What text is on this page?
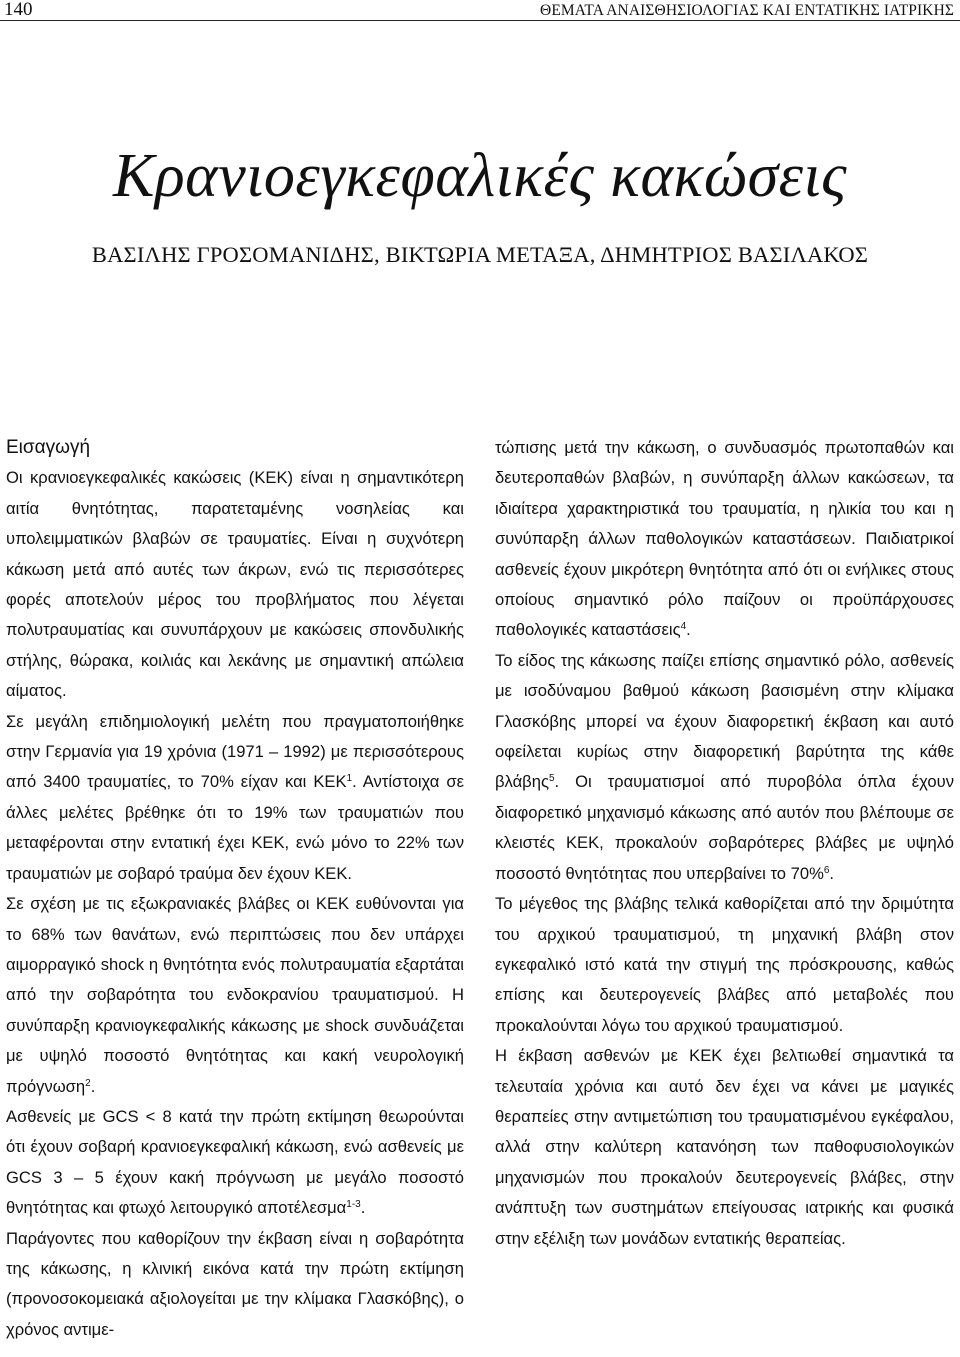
140	ΘΕΜΑΤΑ ΑΝΑΙΣΘΗΣΙΟΛΟΓΙΑΣ ΚΑΙ ΕΝΤΑΤΙΚΗΣ ΙΑΤΡΙΚΗΣ
Κρανιοεγκεφαλικές κακώσεις
ΒΑΣΙΛΗΣ ΓΡΟΣΟΜΑΝΙΔΗΣ, ΒΙΚΤΩΡΙΑ ΜΕΤΑΞΑ, ΔΗΜΗΤΡΙΟΣ ΒΑΣΙΛΑΚΟΣ
Εισαγωγή

Οι κρανιοεγκεφαλικές κακώσεις (ΚΕΚ) είναι η σημαντικότερη αιτία θνητότητας, παρατεταμένης νοσηλείας και υπολειμματικών βλαβών σε τραυματίες. Είναι η συχνότερη κάκωση μετά από αυτές των άκρων, ενώ τις περισσότερες φορές αποτελούν μέρος του προβλήματος που λέγεται πολυτραυματίας και συνυπάρχουν με κακώσεις σπονδυλικής στήλης, θώρακα, κοιλιάς και λεκάνης με σημαντική απώλεια αίματος.

Σε μεγάλη επιδημιολογική μελέτη που πραγματοποιήθηκε στην Γερμανία για 19 χρόνια (1971 – 1992) με περισσότερους από 3400 τραυματίες, το 70% είχαν και ΚΕΚ$^1$. Αντίστοιχα σε άλλες μελέτες βρέθηκε ότι το 19% των τραυματιών που μεταφέρονται στην εντατική έχει ΚΕΚ, ενώ μόνο το 22% των τραυματιών με σοβαρό τραύμα δεν έχουν ΚΕΚ.

Σε σχέση με τις εξωκρανιακές βλάβες οι ΚΕΚ ευθύνονται για το 68% των θανάτων, ενώ περιπτώσεις που δεν υπάρχει αιμορραγικό shock η θνητότητα ενός πολυτραυματία εξαρτάται από την σοβαρότητα του ενδοκρανίου τραυματισμού. Η συνύπαρξη κρανιογκεφαλικής κάκωσης με shock συνδυάζεται με υψηλό ποσοστό θνητότητας και κακή νευρολογική πρόγνωση$^2$.

Ασθενείς με GCS < 8 κατά την πρώτη εκτίμηση θεωρούνται ότι έχουν σοβαρή κρανιοεγκεφαλική κάκωση, ενώ ασθενείς με GCS 3 – 5 έχουν κακή πρόγνωση με μεγάλο ποσοστό θνητότητας και φτωχό λειτουργικό αποτέλεσμα$^{1-3}$.

Παράγοντες που καθορίζουν την έκβαση είναι η σοβαρότητα της κάκωσης, η κλινική εικόνα κατά την πρώτη εκτίμηση (προνοσοκομειακά αξιολογείται με την κλίμακα Γλασκόβης), ο χρόνος αντιμε-

τώπισης μετά την κάκωση, ο συνδυασμός πρωτοπαθών και δευτεροπαθών βλαβών, η συνύπαρξη άλλων κακώσεων, τα ιδιαίτερα χαρακτηριστικά του τραυματία, η ηλικία του και η συνύπαρξη άλλων παθολογικών καταστάσεων. Παιδιατρικοί ασθενείς έχουν μικρότερη θνητότητα από ότι οι ενήλικες στους οποίους σημαντικό ρόλο παίζουν οι προϋπάρχουσες παθολογικές καταστάσεις$^4$.

Το είδος της κάκωσης παίζει επίσης σημαντικό ρόλο, ασθενείς με ισοδύναμου βαθμού κάκωση βασισμένη στην κλίμακα Γλασκόβης μπορεί να έχουν διαφορετική έκβαση και αυτό οφείλεται κυρίως στην διαφορετική βαρύτητα της κάθε βλάβης$^5$. Οι τραυματισμοί από πυροβόλα όπλα έχουν διαφορετικό μηχανισμό κάκωσης από αυτόν που βλέπουμε σε κλειστές ΚΕΚ, προκαλούν σοβαρότερες βλάβες με υψηλό ποσοστό θνητότητας που υπερβαίνει το 70%$^6$.

Το μέγεθος της βλάβης τελικά καθορίζεται από την δριμύτητα του αρχικού τραυματισμού, τη μηχανική βλάβη στον εγκεφαλικό ιστό κατά την στιγμή της πρόσκρουσης, καθώς επίσης και δευτερογενείς βλάβες από μεταβολές που προκαλούνται λόγω του αρχικού τραυματισμού.

Η έκβαση ασθενών με ΚΕΚ έχει βελτιωθεί σημαντικά τα τελευταία χρόνια και αυτό δεν έχει να κάνει με μαγικές θεραπείες στην αντιμετώπιση του τραυματισμένου εγκέφαλου, αλλά στην καλύτερη κατανόηση των παθοφυσιολογικών μηχανισμών που προκαλούν δευτερογενείς βλάβες, στην ανάπτυξη των συστημάτων επείγουσας ιατρικής και φυσικά στην εξέλιξη των μονάδων εντατικής θεραπείας.
